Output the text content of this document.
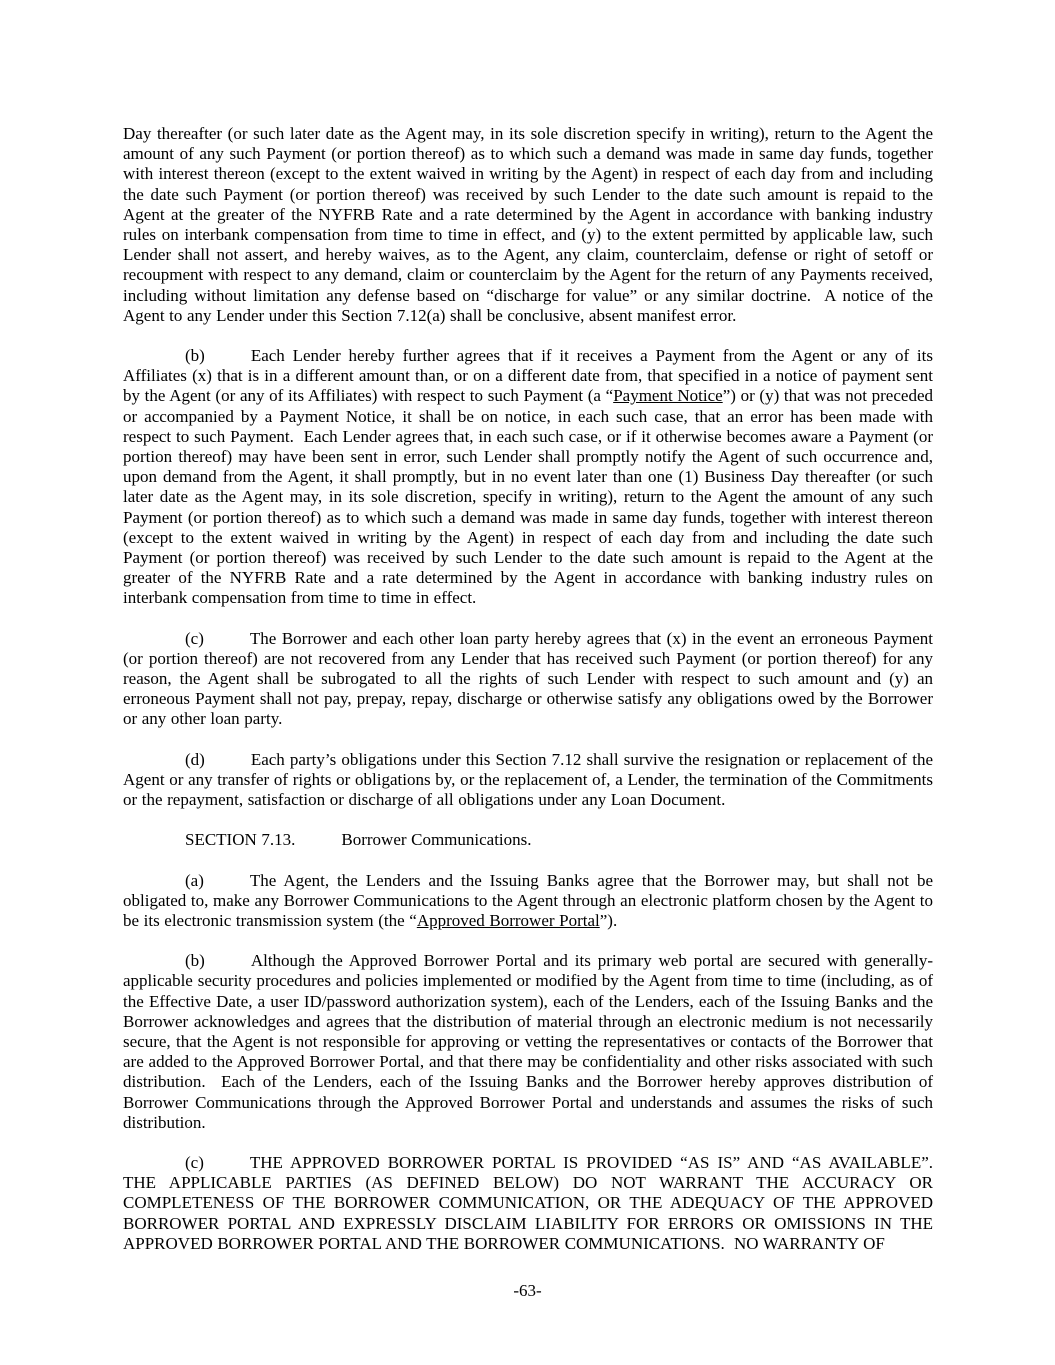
Day thereafter (or such later date as the Agent may, in its sole discretion specify in writing), return to the Agent the amount of any such Payment (or portion thereof) as to which such a demand was made in same day funds, together with interest thereon (except to the extent waived in writing by the Agent) in respect of each day from and including the date such Payment (or portion thereof) was received by such Lender to the date such amount is repaid to the Agent at the greater of the NYFRB Rate and a rate determined by the Agent in accordance with banking industry rules on interbank compensation from time to time in effect, and (y) to the extent permitted by applicable law, such Lender shall not assert, and hereby waives, as to the Agent, any claim, counterclaim, defense or right of setoff or recoupment with respect to any demand, claim or counterclaim by the Agent for the return of any Payments received, including without limitation any defense based on “discharge for value” or any similar doctrine.  A notice of the Agent to any Lender under this Section 7.12(a) shall be conclusive, absent manifest error.

(b)	Each Lender hereby further agrees that if it receives a Payment from the Agent or any of its Affiliates (x) that is in a different amount than, or on a different date from, that specified in a notice of payment sent by the Agent (or any of its Affiliates) with respect to such Payment (a “Payment Notice”) or (y) that was not preceded or accompanied by a Payment Notice, it shall be on notice, in each such case, that an error has been made with respect to such Payment.  Each Lender agrees that, in each such case, or if it otherwise becomes aware a Payment (or portion thereof) may have been sent in error, such Lender shall promptly notify the Agent of such occurrence and, upon demand from the Agent, it shall promptly, but in no event later than one (1) Business Day thereafter (or such later date as the Agent may, in its sole discretion, specify in writing), return to the Agent the amount of any such Payment (or portion thereof) as to which such a demand was made in same day funds, together with interest thereon (except to the extent waived in writing by the Agent) in respect of each day from and including the date such Payment (or portion thereof) was received by such Lender to the date such amount is repaid to the Agent at the greater of the NYFRB Rate and a rate determined by the Agent in accordance with banking industry rules on interbank compensation from time to time in effect.

(c)	The Borrower and each other loan party hereby agrees that (x) in the event an erroneous Payment (or portion thereof) are not recovered from any Lender that has received such Payment (or portion thereof) for any reason, the Agent shall be subrogated to all the rights of such Lender with respect to such amount and (y) an erroneous Payment shall not pay, prepay, repay, discharge or otherwise satisfy any obligations owed by the Borrower or any other loan party.

(d)	Each party’s obligations under this Section 7.12 shall survive the resignation or replacement of the Agent or any transfer of rights or obligations by, or the replacement of, a Lender, the termination of the Commitments or the repayment, satisfaction or discharge of all obligations under any Loan Document.

SECTION 7.13.	Borrower Communications.

(a)	The Agent, the Lenders and the Issuing Banks agree that the Borrower may, but shall not be obligated to, make any Borrower Communications to the Agent through an electronic platform chosen by the Agent to be its electronic transmission system (the “Approved Borrower Portal”).

(b)	Although the Approved Borrower Portal and its primary web portal are secured with generally-applicable security procedures and policies implemented or modified by the Agent from time to time (including, as of the Effective Date, a user ID/password authorization system), each of the Lenders, each of the Issuing Banks and the Borrower acknowledges and agrees that the distribution of material through an electronic medium is not necessarily secure, that the Agent is not responsible for approving or vetting the representatives or contacts of the Borrower that are added to the Approved Borrower Portal, and that there may be confidentiality and other risks associated with such distribution.  Each of the Lenders, each of the Issuing Banks and the Borrower hereby approves distribution of Borrower Communications through the Approved Borrower Portal and understands and assumes the risks of such distribution.

(c)	THE APPROVED BORROWER PORTAL IS PROVIDED “AS IS” AND “AS AVAILABLE”. THE APPLICABLE PARTIES (AS DEFINED BELOW) DO NOT WARRANT THE ACCURACY OR COMPLETENESS OF THE BORROWER COMMUNICATION, OR THE ADEQUACY OF THE APPROVED BORROWER PORTAL AND EXPRESSLY DISCLAIM LIABILITY FOR ERRORS OR OMISSIONS IN THE APPROVED BORROWER PORTAL AND THE BORROWER COMMUNICATIONS.  NO WARRANTY OF

-63-
